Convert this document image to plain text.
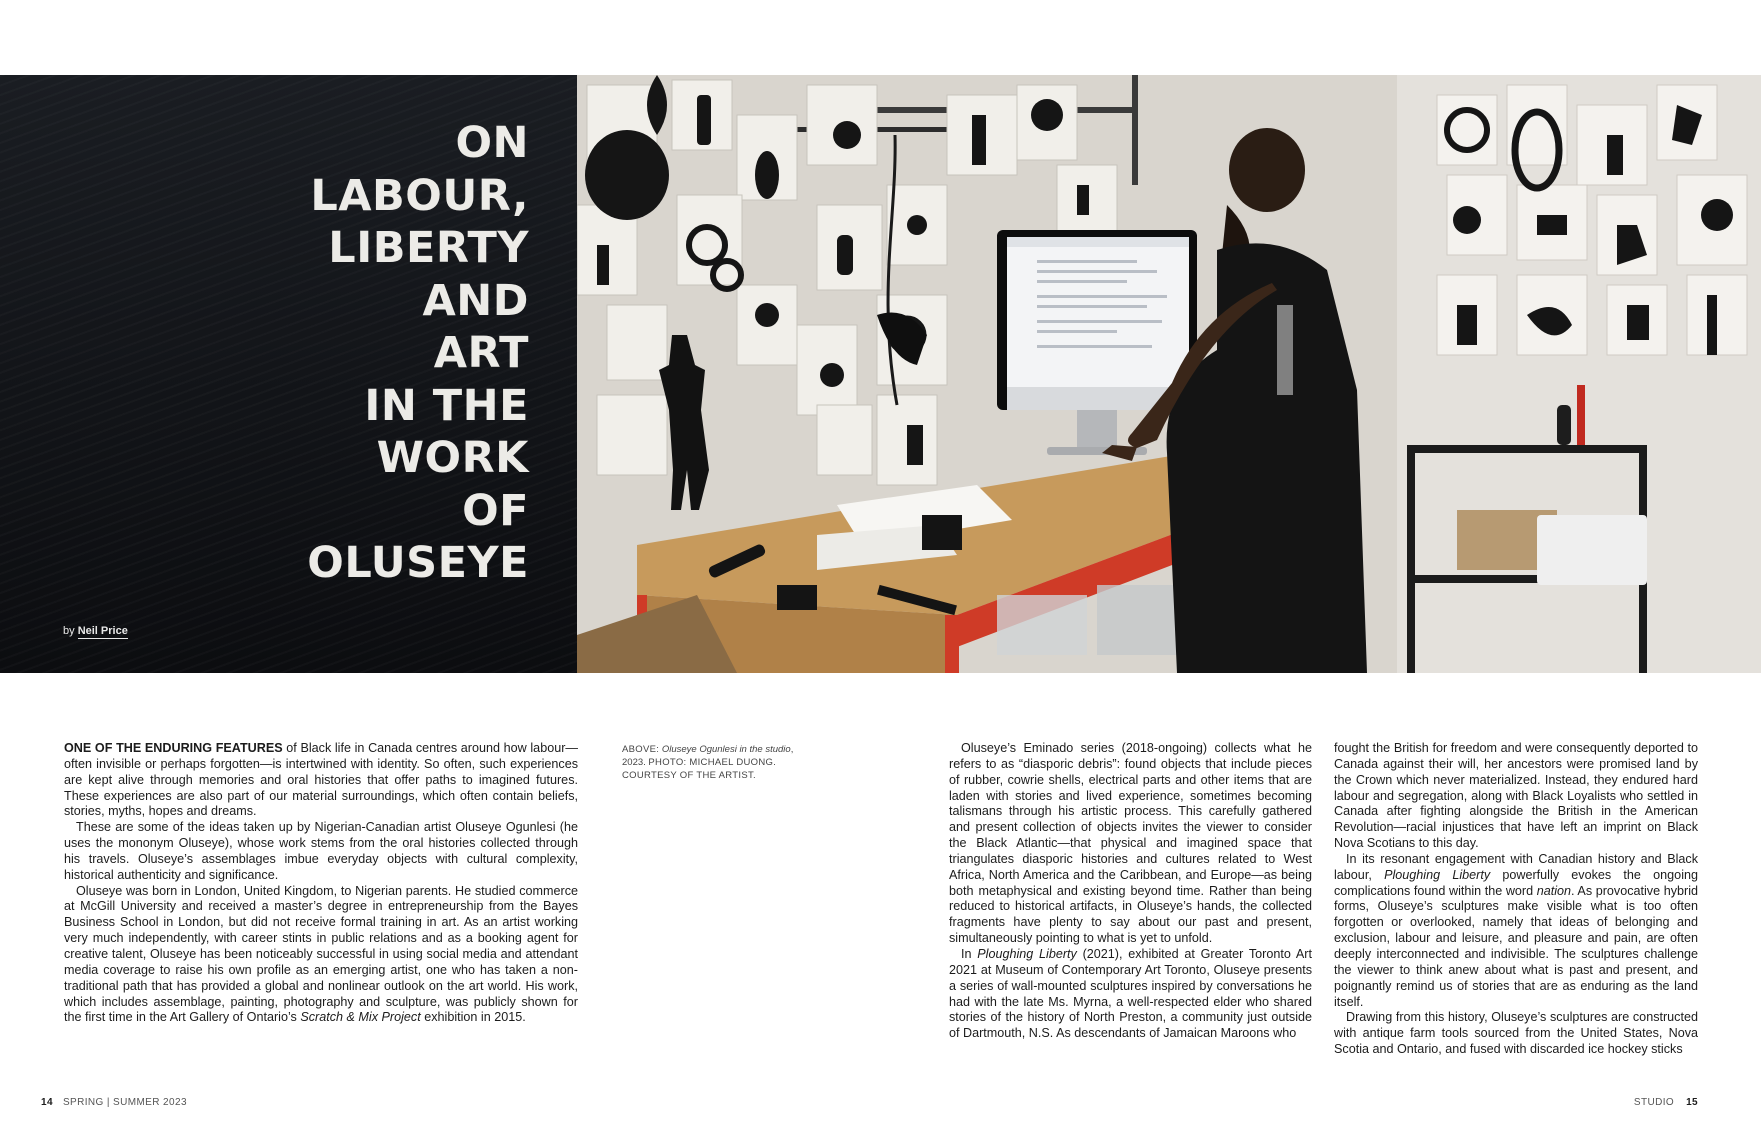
ON
LABOUR,
LIBERTY
AND
ART
IN THE
WORK
OF
OLUSEYE
by Neil Price
ABOVE: Oluseye Ogunlesi in the studio, 2023. PHOTO: MICHAEL DUONG. COURTESY OF THE ARTIST.

ONE OF THE ENDURING FEATURES of Black life in Canada centres around how labour—often invisible or perhaps forgotten—is intertwined with identity. So often, such experiences are kept alive through memories and oral histories that offer paths to imagined futures. These experiences are also part of our material surroundings, which often contain beliefs, stories, myths, hopes and dreams.

These are some of the ideas taken up by Nigerian-Canadian artist Oluseye Ogunlesi (he uses the mononym Oluseye), whose work stems from the oral histories collected through his travels. Oluseye’s assemblages imbue everyday objects with cultural complexity, historical authenticity and significance.

Oluseye was born in London, United Kingdom, to Nigerian parents. He studied commerce at McGill University and received a master’s degree in entrepreneurship from the Bayes Business School in London, but did not receive formal training in art. As an artist working very much independently, with career stints in public relations and as a booking agent for creative talent, Oluseye has been noticeably successful in using social media and attendant media coverage to raise his own profile as an emerging artist, one who has taken a non-traditional path that has provided a global and nonlinear outlook on the art world. His work, which includes assemblage, painting, photography and sculpture, was publicly shown for the first time in the Art Gallery of Ontario’s Scratch & Mix Project exhibition in 2015.

Oluseye’s Eminado series (2018-ongoing) collects what he refers to as “diasporic debris”: found objects that include pieces of rubber, cowrie shells, electrical parts and other items that are laden with stories and lived experience, sometimes becoming talismans through his artistic process. This carefully gathered and present collection of objects invites the viewer to consider the Black Atlantic—that physical and imagined space that triangulates diasporic histories and cultures related to West Africa, North America and the Caribbean, and Europe—as being both metaphysical and existing beyond time. Rather than being reduced to historical artifacts, in Oluseye’s hands, the collected fragments have plenty to say about our past and present, simultaneously pointing to what is yet to unfold.

In Ploughing Liberty (2021), exhibited at Greater Toronto Art 2021 at Museum of Contemporary Art Toronto, Oluseye presents a series of wall-mounted sculptures inspired by conversations he had with the late Ms. Myrna, a well-respected elder who shared stories of the history of North Preston, a community just outside of Dartmouth, N.S. As descendants of Jamaican Maroons who

fought the British for freedom and were consequently deported to Canada against their will, her ancestors were promised land by the Crown which never materialized. Instead, they endured hard labour and segregation, along with Black Loyalists who settled in Canada after fighting alongside the British in the American Revolution—racial injustices that have left an imprint on Black Nova Scotians to this day.

In its resonant engagement with Canadian history and Black labour, Ploughing Liberty powerfully evokes the ongoing complications found within the word nation. As provocative hybrid forms, Oluseye’s sculptures make visible what is too often forgotten or overlooked, namely that ideas of belonging and exclusion, labour and leisure, and pleasure and pain, are often deeply interconnected and indivisible. The sculptures challenge the viewer to think anew about what is past and present, and poignantly remind us of stories that are as enduring as the land itself.

Drawing from this history, Oluseye’s sculptures are constructed with antique farm tools sourced from the United States, Nova Scotia and Ontario, and fused with discarded ice hockey sticks

14 SPRING | SUMMER 2023	STUDIO 15
